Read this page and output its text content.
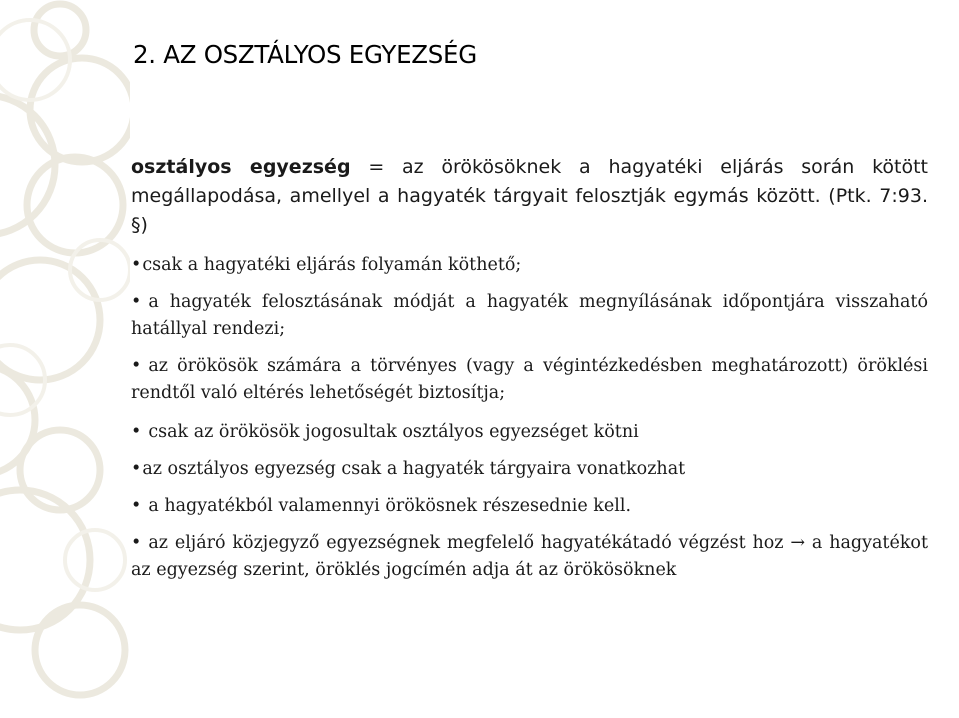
2. AZ OSZTÁLYOS EGYEZSÉG

osztályos egyezség = az örökösöknek a hagyatéki eljárás során kötött megállapodása, amellyel a hagyaték tárgyait felosztják egymás között. (Ptk. 7:93. §)

•csak a hagyatéki eljárás folyamán köthető;
• a hagyaték felosztásának módját a hagyaték megnyílásának időpontjára visszaható hatállyal rendezi;
• az örökösök számára a törvényes (vagy a végintézkedésben meghatározott) öröklési rendtől való eltérés lehetőségét biztosítja;
• csak az örökösök jogosultak osztályos egyezséget kötni
•az osztályos egyezség csak a hagyaték tárgyaira vonatkozhat
• a hagyatékból valamennyi örökösnek részesednie kell.
• az eljáró közjegyző egyezségnek megfelelő hagyatékátadó végzést hoz → a hagyatékot az egyezség szerint, öröklés jogcímén adja át az örökösöknek
